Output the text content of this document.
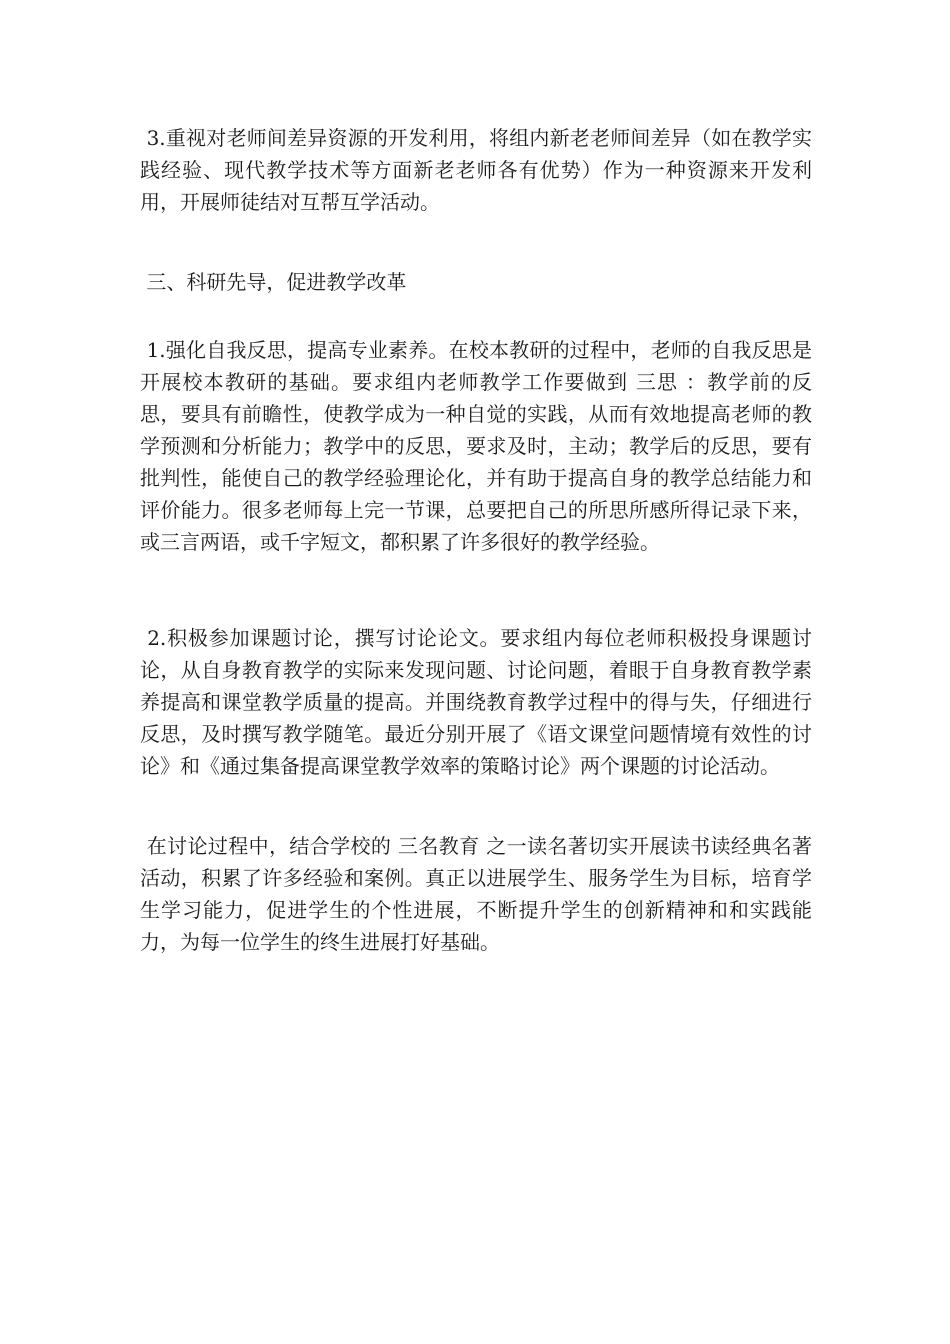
3.重视对老师间差异资源的开发利用，将组内新老老师间差异（如在教学实践经验、现代教学技术等方面新老老师各有优势）作为一种资源来开发利用，开展师徒结对互帮互学活动。

三、科研先导，促进教学改革

1.强化自我反思，提高专业素养。在校本教研的过程中，老师的自我反思是开展校本教研的基础。要求组内老师教学工作要做到 三思 ：教学前的反思，要具有前瞻性，使教学成为一种自觉的实践，从而有效地提高老师的教学预测和分析能力；教学中的反思，要求及时，主动；教学后的反思，要有批判性，能使自己的教学经验理论化，并有助于提高自身的教学总结能力和评价能力。很多老师每上完一节课，总要把自己的所思所感所得记录下来，或三言两语，或千字短文，都积累了许多很好的教学经验。

2.积极参加课题讨论，撰写讨论论文。要求组内每位老师积极投身课题讨论，从自身教育教学的实际来发现问题、讨论问题，着眼于自身教育教学素养提高和课堂教学质量的提高。并围绕教育教学过程中的得与失，仔细进行反思，及时撰写教学随笔。最近分别开展了《语文课堂问题情境有效性的讨论》和《通过集备提高课堂教学效率的策略讨论》两个课题的讨论活动。

在讨论过程中，结合学校的 三名教育 之一读名著切实开展读书读经典名著活动，积累了许多经验和案例。真正以进展学生、服务学生为目标，培育学生学习能力，促进学生的个性进展，不断提升学生的创新精神和和实践能力，为每一位学生的终生进展打好基础。
